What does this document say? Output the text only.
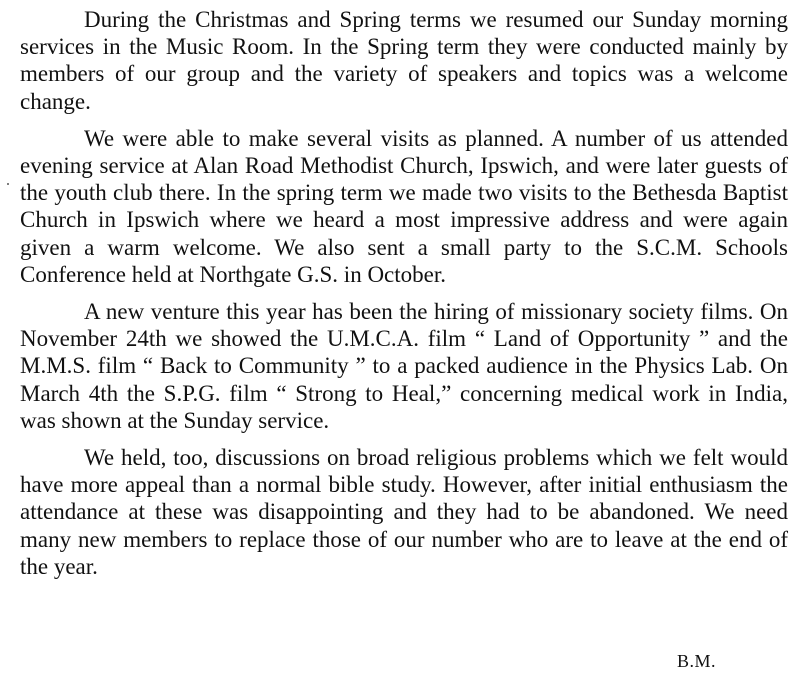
During the Christmas and Spring terms we resumed our Sunday morning services in the Music Room. In the Spring term they were conducted mainly by members of our group and the variety of speakers and topics was a welcome change.

We were able to make several visits as planned. A number of us attended evening service at Alan Road Methodist Church, Ipswich, and were later guests of the youth club there. In the spring term we made two visits to the Bethesda Baptist Church in Ipswich where we heard a most impressive address and were again given a warm welcome. We also sent a small party to the S.C.M. Schools Conference held at Northgate G.S. in October.

A new venture this year has been the hiring of missionary society films. On November 24th we showed the U.M.C.A. film “ Land of Opportunity ” and the M.M.S. film “ Back to Community ” to a packed audience in the Physics Lab. On March 4th the S.P.G. film “ Strong to Heal,” concerning medical work in India, was shown at the Sunday service.

We held, too, discussions on broad religious problems which we felt would have more appeal than a normal bible study. However, after initial enthusiasm the attendance at these was disappointing and they had to be abandoned. We need many new members to replace those of our number who are to leave at the end of the year.

B.M.
